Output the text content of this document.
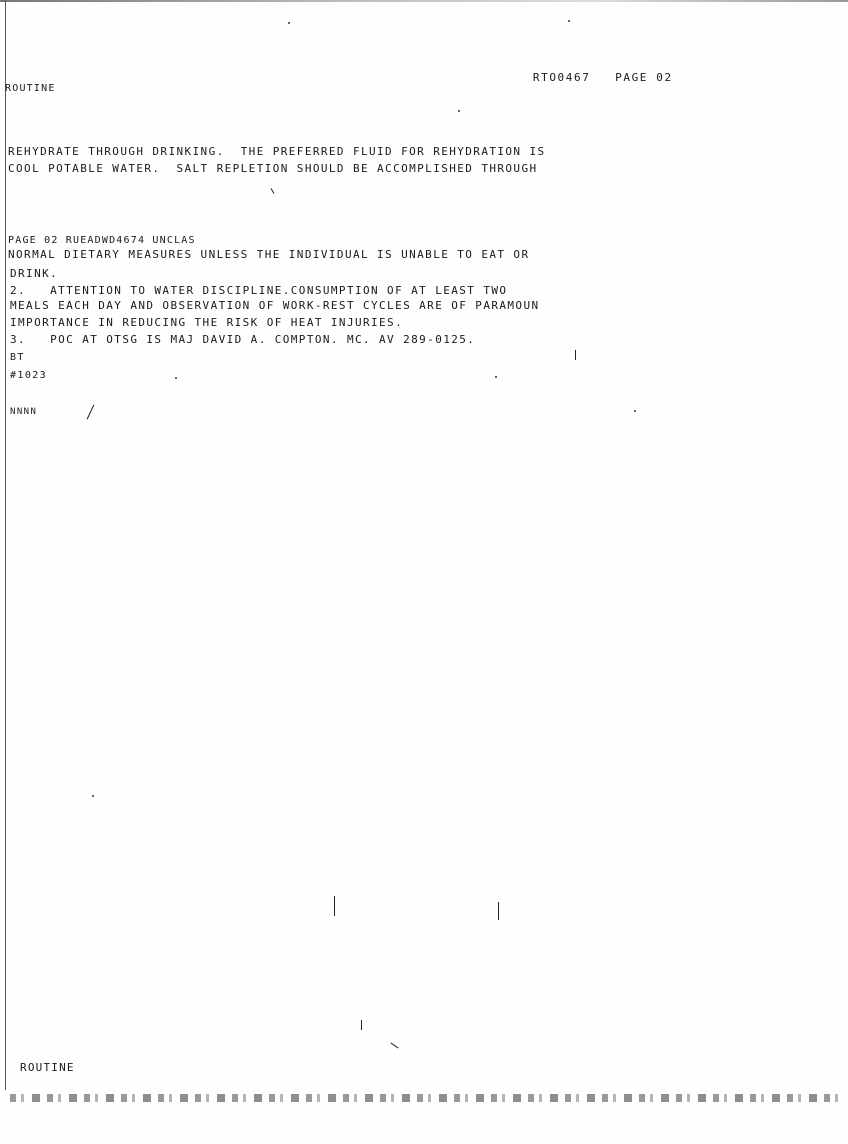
RTO0467 PAGE 02

ROUTINE
REHYDRATE THROUGH DRINKING.  THE PREFERRED FLUID FOR REHYDRATION IS
COOL POTABLE WATER.  SALT REPLETION SHOULD BE ACCOMPLISHED THROUGH
PAGE 02 RUEADWD4674 UNCLAS
NORMAL DIETARY MEASURES UNLESS THE INDIVIDUAL IS UNABLE TO EAT OR
DRINK.
2.   ATTENTION TO WATER DISCIPLINE.CONSUMPTION OF AT LEAST TWO
MEALS EACH DAY AND OBSERVATION OF WORK-REST CYCLES ARE OF PARAMOUN
IMPORTANCE IN REDUCING THE RISK OF HEAT INJURIES.
3.   POC AT OTSG IS MAJ DAVID A. COMPTON. MC. AV 289-0125.
BT
#1023
NNNN
ROUTINE
